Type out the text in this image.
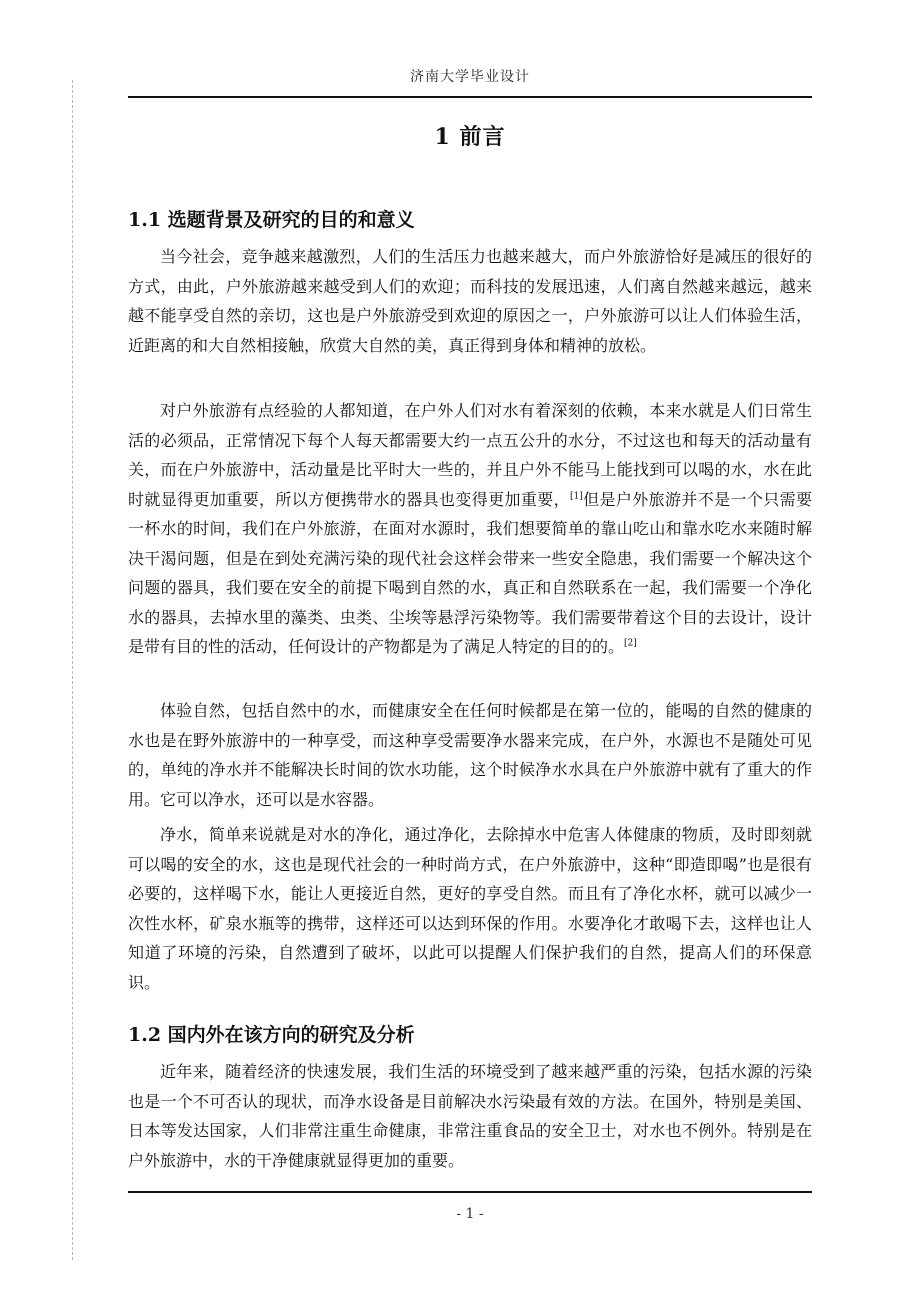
济南大学毕业设计
1 前言
1.1 选题背景及研究的目的和意义

当今社会，竞争越来越激烈，人们的生活压力也越来越大，而户外旅游恰好是减压的很好的方式，由此，户外旅游越来越受到人们的欢迎；而科技的发展迅速，人们离自然越来越远，越来越不能享受自然的亲切，这也是户外旅游受到欢迎的原因之一，户外旅游可以让人们体验生活，近距离的和大自然相接触，欣赏大自然的美，真正得到身体和精神的放松。

对户外旅游有点经验的人都知道，在户外人们对水有着深刻的依赖，本来水就是人们日常生活的必须品，正常情况下每个人每天都需要大约一点五公升的水分，不过这也和每天的活动量有关，而在户外旅游中，活动量是比平时大一些的，并且户外不能马上能找到可以喝的水，水在此时就显得更加重要，所以方便携带水的器具也变得更加重要，[1]但是户外旅游并不是一个只需要一杯水的时间，我们在户外旅游，在面对水源时，我们想要简单的靠山吃山和靠水吃水来随时解决干渴问题，但是在到处充满污染的现代社会这样会带来一些安全隐患，我们需要一个解决这个问题的器具，我们要在安全的前提下喝到自然的水，真正和自然联系在一起，我们需要一个净化水的器具，去掉水里的藻类、虫类、尘埃等悬浮污染物等。我们需要带着这个目的去设计，设计是带有目的性的活动，任何设计的产物都是为了满足人特定的目的的。[2]

体验自然，包括自然中的水，而健康安全在任何时候都是在第一位的，能喝的自然的健康的水也是在野外旅游中的一种享受，而这种享受需要净水器来完成，在户外，水源也不是随处可见的，单纯的净水并不能解决长时间的饮水功能，这个时候净水水具在户外旅游中就有了重大的作用。它可以净水，还可以是水容器。

净水，简单来说就是对水的净化，通过净化，去除掉水中危害人体健康的物质，及时即刻就可以喝的安全的水，这也是现代社会的一种时尚方式，在户外旅游中，这种“即造即喝”也是很有必要的，这样喝下水，能让人更接近自然，更好的享受自然。而且有了净化水杯，就可以减少一次性水杯，矿泉水瓶等的携带，这样还可以达到环保的作用。水要净化才敢喝下去，这样也让人知道了环境的污染，自然遭到了破坏，以此可以提醒人们保护我们的自然，提高人们的环保意识。

1.2 国内外在该方向的研究及分析

近年来，随着经济的快速发展，我们生活的环境受到了越来越严重的污染，包括水源的污染也是一个不可否认的现状，而净水设备是目前解决水污染最有效的方法。在国外，特别是美国、日本等发达国家，人们非常注重生命健康，非常注重食品的安全卫士，对水也不例外。特别是在户外旅游中，水的干净健康就显得更加的重要。

- 1 -
